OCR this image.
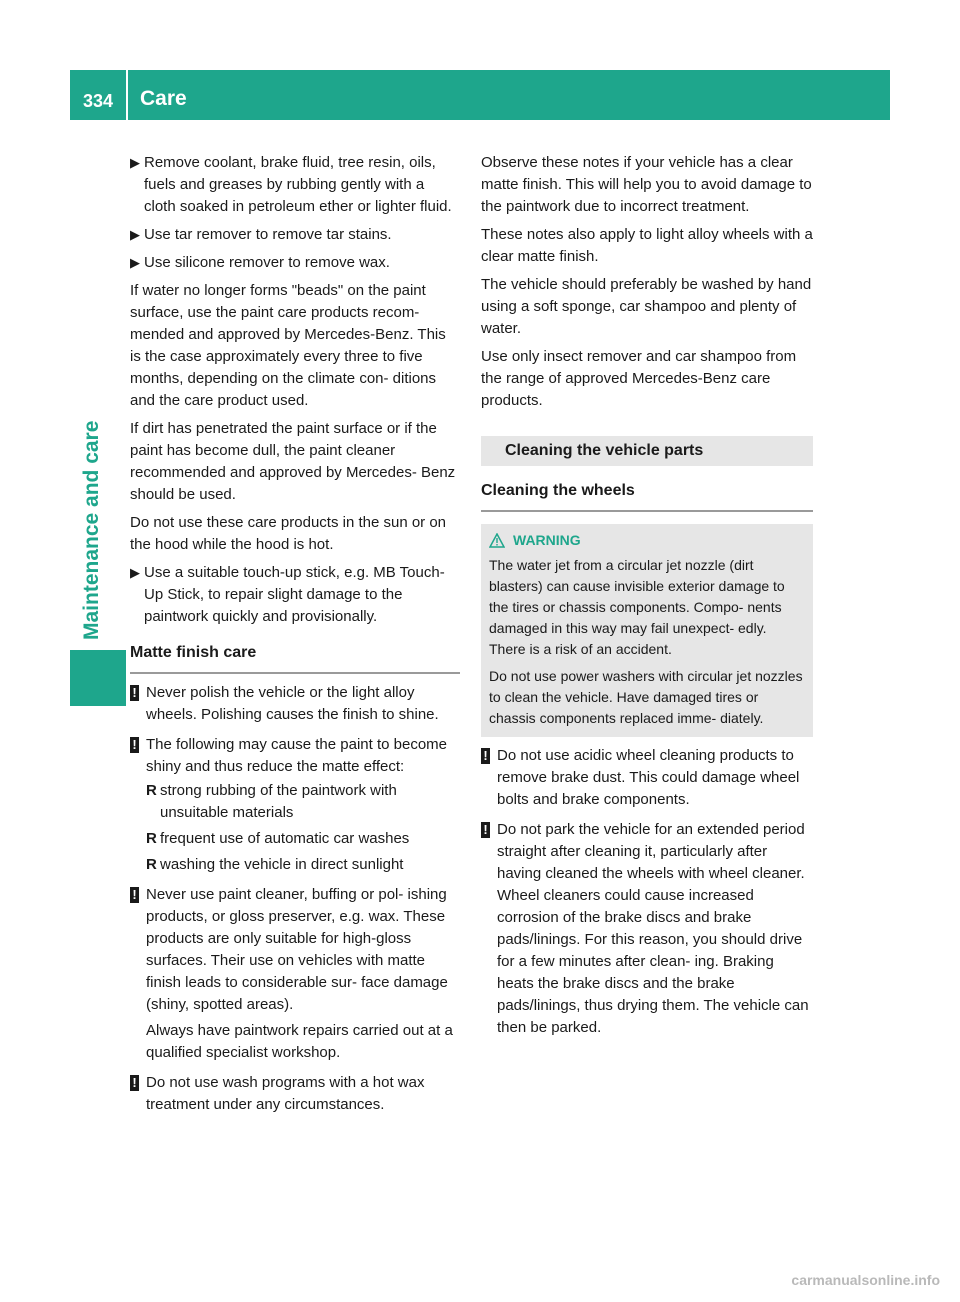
334	Care
Maintenance and care
▶ Remove coolant, brake fluid, tree resin, oils, fuels and greases by rubbing gently with a cloth soaked in petroleum ether or lighter fluid.
▶ Use tar remover to remove tar stains.
▶ Use silicone remover to remove wax.

If water no longer forms "beads" on the paint surface, use the paint care products recom- mended and approved by Mercedes-Benz. This is the case approximately every three to five months, depending on the climate con- ditions and the care product used.

If dirt has penetrated the paint surface or if the paint has become dull, the paint cleaner recommended and approved by Mercedes- Benz should be used.

Do not use these care products in the sun or on the hood while the hood is hot.

▶ Use a suitable touch-up stick, e.g. MB Touch-Up Stick, to repair slight damage to the paintwork quickly and provisionally.
Matte finish care
! Never polish the vehicle or the light alloy wheels. Polishing causes the finish to shine.
! The following may cause the paint to become shiny and thus reduce the matte effect:
R strong rubbing of the paintwork with unsuitable materials
R frequent use of automatic car washes
R washing the vehicle in direct sunlight
! Never use paint cleaner, buffing or pol- ishing products, or gloss preserver, e.g. wax. These products are only suitable for high-gloss surfaces. Their use on vehicles with matte finish leads to considerable sur- face damage (shiny, spotted areas).

Always have paintwork repairs carried out at a qualified specialist workshop.

! Do not use wash programs with a hot wax treatment under any circumstances.

Observe these notes if your vehicle has a clear matte finish. This will help you to avoid damage to the paintwork due to incorrect treatment.

These notes also apply to light alloy wheels with a clear matte finish.

The vehicle should preferably be washed by hand using a soft sponge, car shampoo and plenty of water.

Use only insect remover and car shampoo from the range of approved Mercedes-Benz care products.

Cleaning the vehicle parts
Cleaning the wheels
WARNING

The water jet from a circular jet nozzle (dirt blasters) can cause invisible exterior damage to the tires or chassis components. Compo- nents damaged in this way may fail unexpect- edly. There is a risk of an accident.

Do not use power washers with circular jet nozzles to clean the vehicle. Have damaged tires or chassis components replaced imme- diately.

! Do not use acidic wheel cleaning products to remove brake dust. This could damage wheel bolts and brake components.
! Do not park the vehicle for an extended period straight after cleaning it, particularly after having cleaned the wheels with wheel cleaner. Wheel cleaners could cause increased corrosion of the brake discs and brake pads/linings. For this reason, you should drive for a few minutes after clean- ing. Braking heats the brake discs and the brake pads/linings, thus drying them. The vehicle can then be parked.
carmanualsonline.info
